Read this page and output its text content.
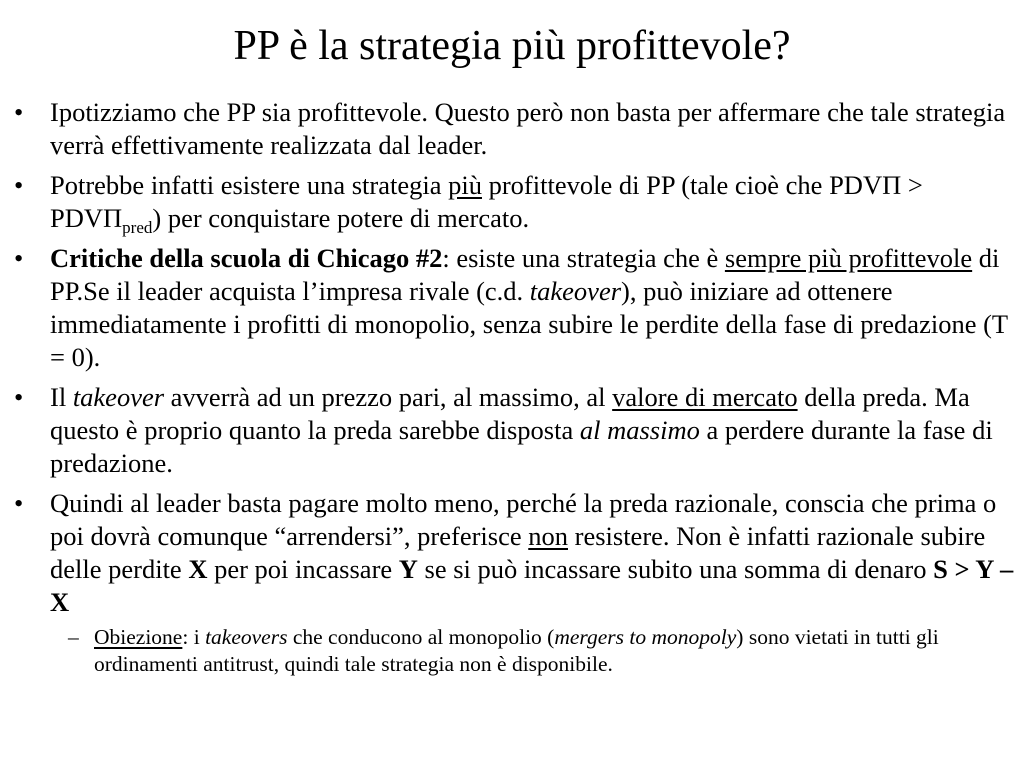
PP è la strategia più profittevole?
• Ipotizziamo che PP sia profittevole. Questo però non basta per affermare che tale strategia verrà effettivamente realizzata dal leader.
• Potrebbe infatti esistere una strategia più profittevole di PP (tale cioè che $PDV\Pi > PDV\Pi_{pred}$) per conquistare potere di mercato.
• Critiche della scuola di Chicago #2: esiste una strategia che è sempre più profittevole di PP.Se il leader acquista l’impresa rivale (c.d. takeover), può iniziare ad ottenere immediatamente i profitti di monopolio, senza subire le perdite della fase di predazione (T = 0).
• Il takeover avverrà ad un prezzo pari, al massimo, al valore di mercato della preda. Ma questo è proprio quanto la preda sarebbe disposta al massimo a perdere durante la fase di predazione.
• Quindi al leader basta pagare molto meno, perché la preda razionale, conscia che prima o poi dovrà comunque “arrendersi”, preferisce non resistere. Non è infatti razionale subire delle perdite X per poi incassare Y se si può incassare subito una somma di denaro S > Y – X
– Obiezione: i takeovers che conducono al monopolio (mergers to monopoly) sono vietati in tutti gli ordinamenti antitrust, quindi tale strategia non è disponibile.
